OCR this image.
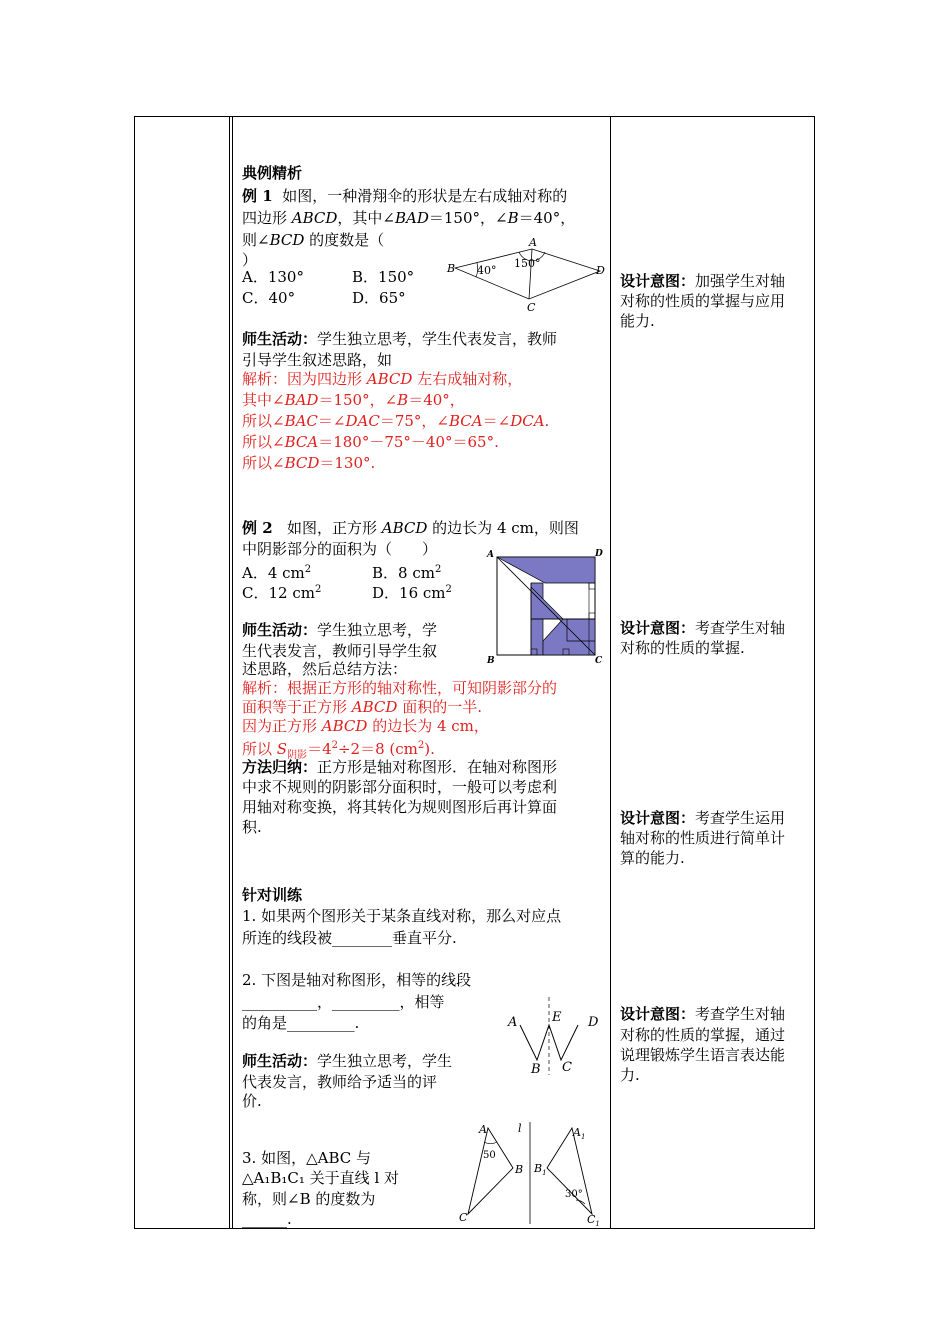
典例精析
例 1 如图，一种滑翔伞的形状是左右成轴对称的
四边形 ABCD，其中∠BAD＝150°，∠B＝40°，
则∠BCD 的度数是（
）
A．130°	B．150°
C．40°	D．65°
A
B
C
D
40°
150°
师生活动：学生独立思考，学生代表发言，教师
引导学生叙述思路，如
解析：因为四边形 ABCD 左右成轴对称，
其中∠BAD＝150°，∠B＝40°，
所以∠BAC＝∠DAC＝75°，∠BCA＝∠DCA.
所以∠BCA＝180°－75°－40°＝65°.
所以∠BCD＝130°.
例 2 如图，正方形 ABCD 的边长为 4 cm，则图
中阴影部分的面积为（　　）
A．4 $cm^2$	B．8 $cm^2$
C．12 $cm^2$	D．16 $cm^2$
A	D
B	C
师生活动：学生独立思考，学
生代表发言，教师引导学生叙
述思路，然后总结方法：
解析：根据正方形的轴对称性，可知阴影部分的
面积等于正方形 ABCD 面积的一半.
因为正方形 ABCD 的边长为 4 cm，
所以 $S_{阴影}=4^2\div 2=8$ $(cm^2)$.
方法归纳：正方形是轴对称图形．在轴对称图形
中求不规则的阴影部分面积时，一般可以考虑利
用轴对称变换，将其转化为规则图形后再计算面
积.
针对训练
1. 如果两个图形关于某条直线对称，那么对应点
所连的线段被________垂直平分.
2. 下图是轴对称图形，相等的线段
__________，_________，相等
的角是_________.	A	E D
B C
师生活动：学生独立思考，学生
代表发言，教师给予适当的评
价.
3. 如图，△ABC 与
△A₁B₁C₁ 关于直线 l 对
称，则∠B 的度数为
______.
A
B
C
l
50
$A_1$
$B_1$
$C_1$
30°
设计意图：加强学生对轴
对称的性质的掌握与应用
能力.
设计意图：考查学生对轴
对称的性质的掌握.
设计意图：考查学生运用
轴对称的性质进行简单计
算的能力.
设计意图：考查学生对轴
对称的性质的掌握，通过
说理锻炼学生语言表达能
力.
